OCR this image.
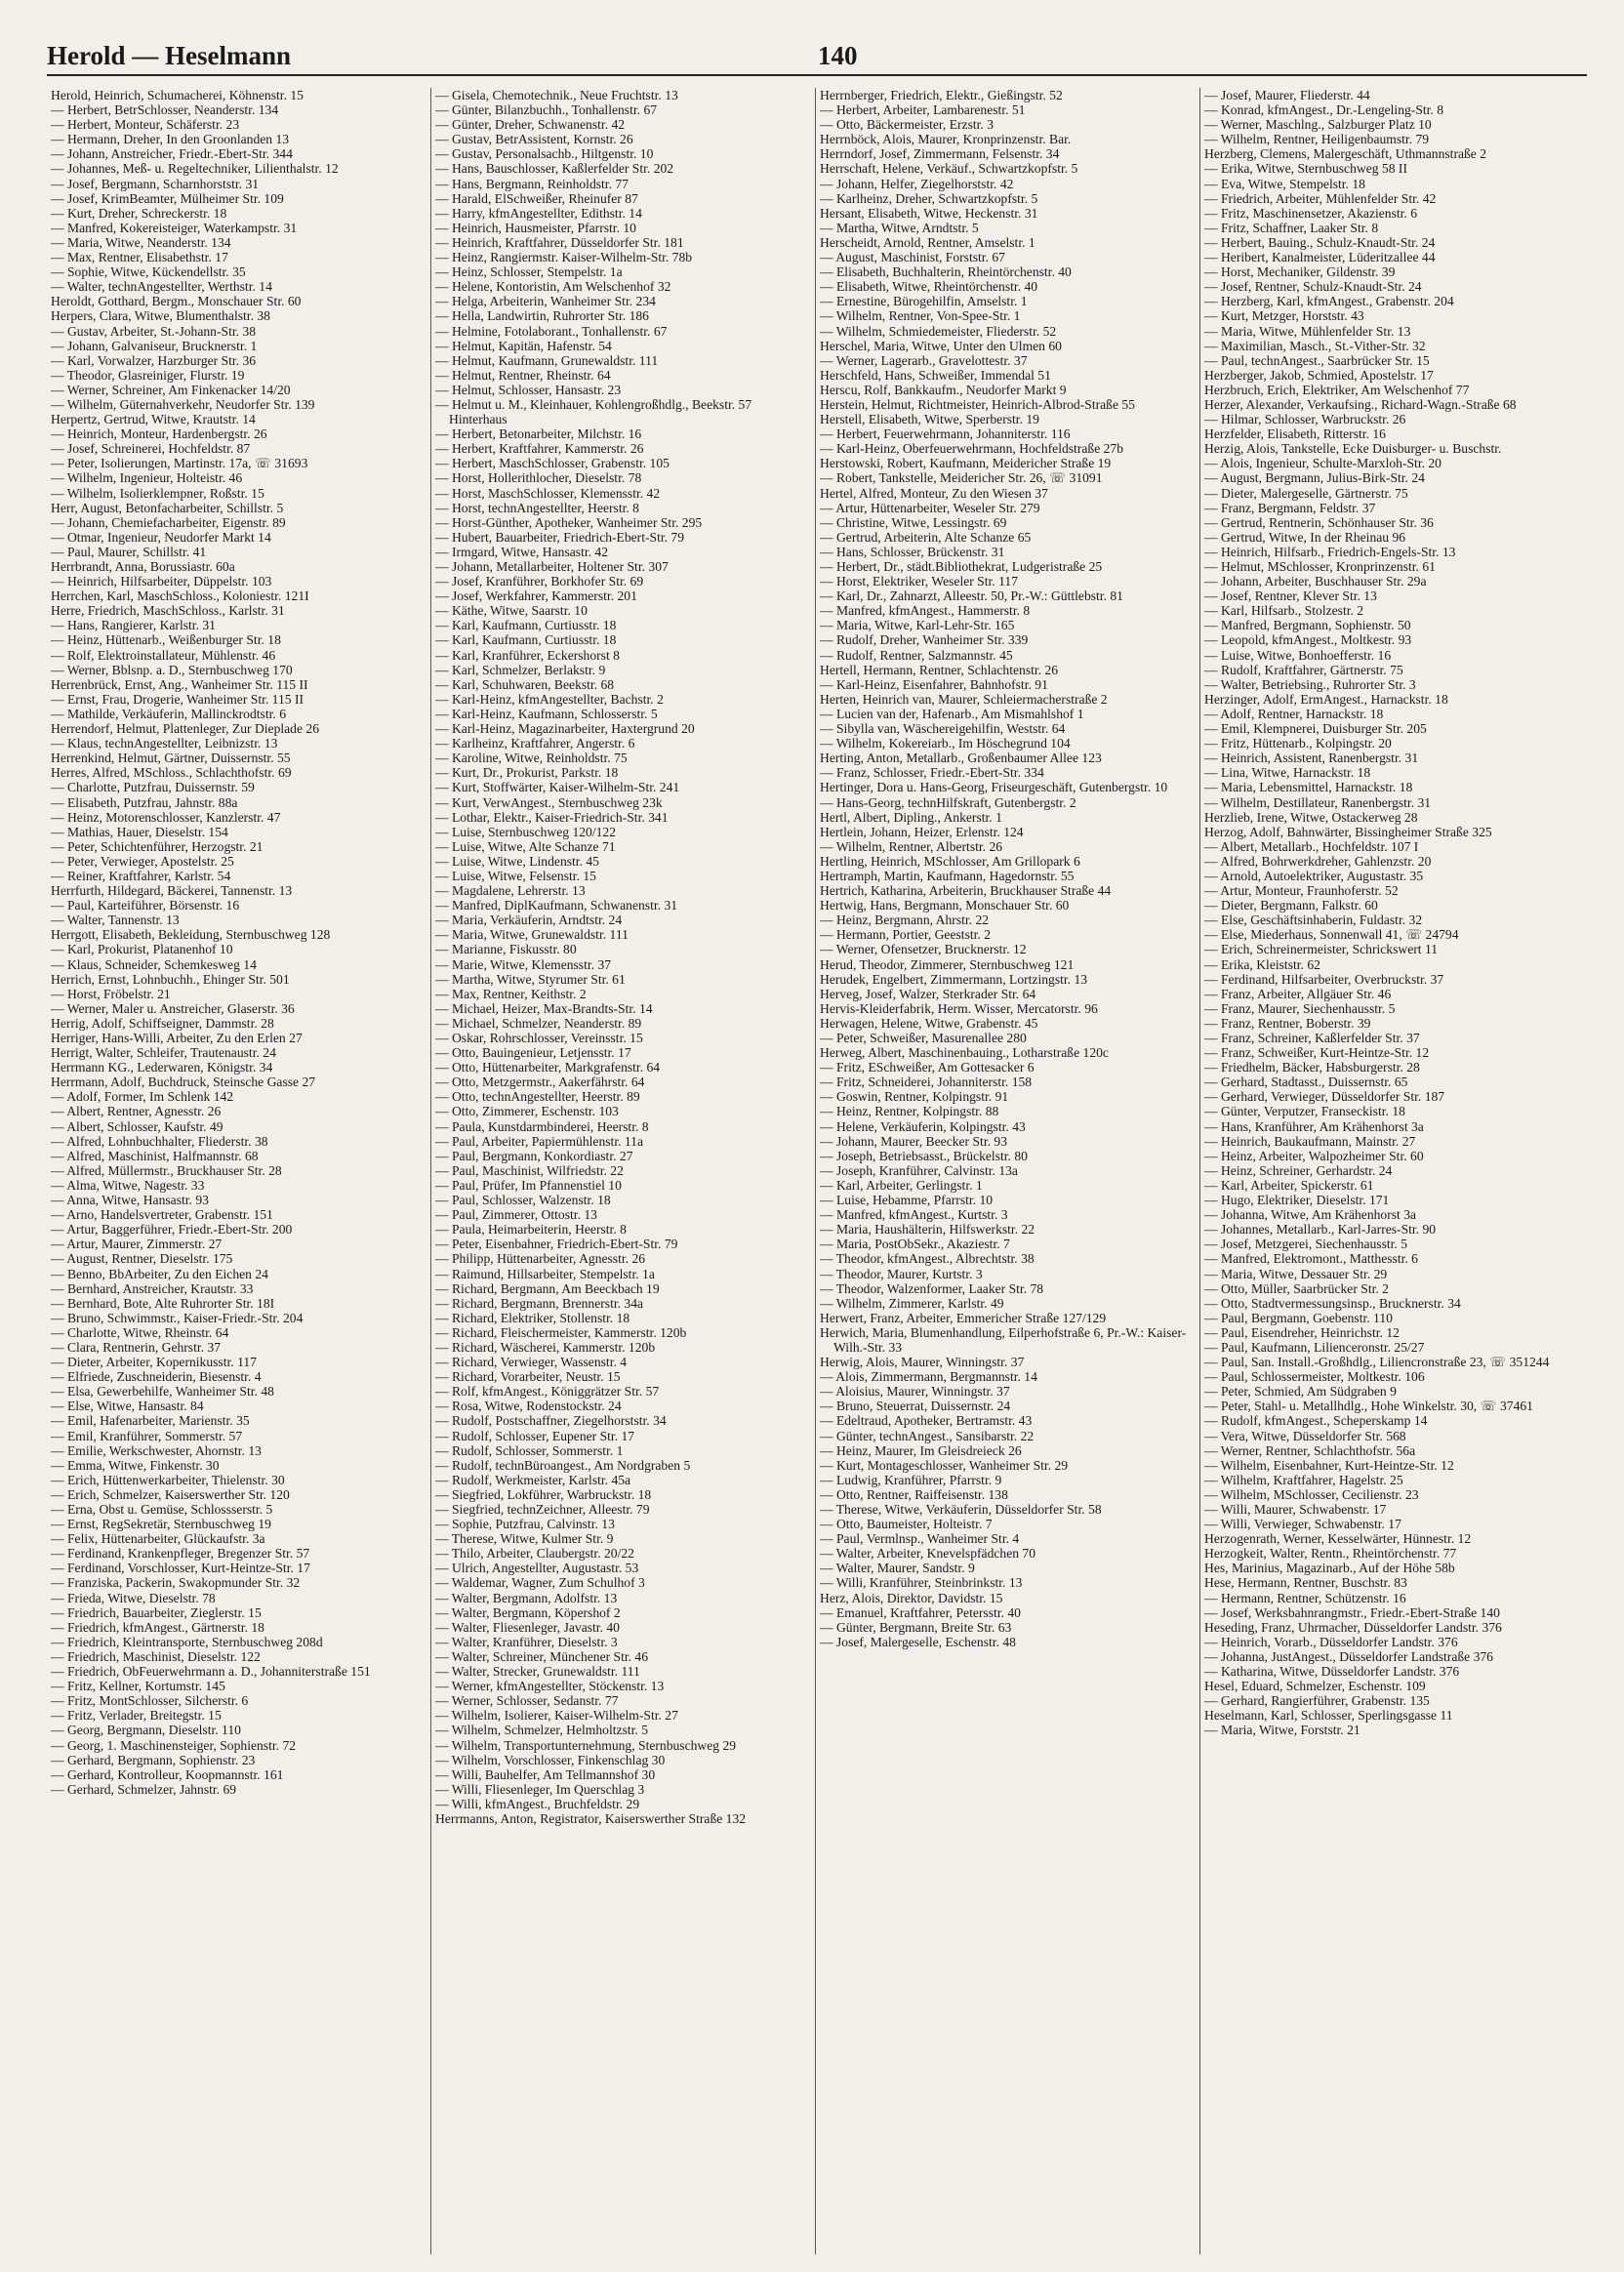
Herold — Heselmann	140
Herold, Heinrich, Schumacherei, Köhnenstr. 15
— Herbert, BetrSchlosser, Neanderstr. 134
— Herbert, Monteur, Schäferstr. 23
— Hermann, Dreher, In den Groonlanden 13
— Johann, Anstreicher, Friedr.-Ebert-Str. 344
— Johannes, Meß- u. Regeltechniker, Lilienthalstr. 12
— Josef, Bergmann, Scharnhorststr. 31
— Josef, KrimBeamter, Mülheimer Str. 109
— Kurt, Dreher, Schreckerstr. 18
— Manfred, Kokereisteiger, Waterkampstr. 31
— Maria, Witwe, Neanderstr. 134
— Max, Rentner, Elisabethstr. 17
— Sophie, Witwe, Kückendellstr. 35
— Walter, technAngestellter, Werthstr. 14
Heroldt, Gotthard, Bergm., Monschauer Str. 60
Herpers, Clara, Witwe, Blumenthalstr. 38
— Gustav, Arbeiter, St.-Johann-Str. 38
— Johann, Galvaniseur, Brucknerstr. 1
— Karl, Vorwalzer, Harzburger Str. 36
— Theodor, Glasreiniger, Flurstr. 19
— Werner, Schreiner, Am Finkenacker 14/20
— Wilhelm, Güternahverkehr, Neudorfer Str. 139
Herpertz, Gertrud, Witwe, Krautstr. 14
— Heinrich, Monteur, Hardenbergstr. 26
— Josef, Schreinerei, Hochfeldstr. 87
— Peter, Isolierungen, Martinstr. 17a, ☏ 31693
— Wilhelm, Ingenieur, Holteistr. 46
— Wilhelm, Isolierklempner, Roßstr. 15
Herr, August, Betonfacharbeiter, Schillstr. 5
— Johann, Chemiefacharbeiter, Eigenstr. 89
— Otmar, Ingenieur, Neudorfer Markt 14
— Paul, Maurer, Schillstr. 41
Herrbrandt, Anna, Borussiastr. 60a
— Heinrich, Hilfsarbeiter, Düppelstr. 103
Herrchen, Karl, MaschSchloss., Koloniestr. 121I
Herre, Friedrich, MaschSchloss., Karlstr. 31
— Hans, Rangierer, Karlstr. 31
— Heinz, Hüttenarb., Weißenburger Str. 18
— Rolf, Elektroinstallateur, Mühlenstr. 46
— Werner, Bblsnp. a. D., Sternbuschweg 170
Herrenbrück, Ernst, Ang., Wanheimer Str. 115 II
— Ernst, Frau, Drogerie, Wanheimer Str. 115 II
— Mathilde, Verkäuferin, Mallinckrodtstr. 6
Herrendorf, Helmut, Plattenleger, Zur Dieplade 26
— Klaus, technAngestellter, Leibnizstr. 13
Herrenkind, Helmut, Gärtner, Duissernstr. 55
Herres, Alfred, MSchloss., Schlachthofstr. 69
— Charlotte, Putzfrau, Duissernstr. 59
— Elisabeth, Putzfrau, Jahnstr. 88a
— Heinz, Motorenschlosser, Kanzlerstr. 47
— Mathias, Hauer, Dieselstr. 154
— Peter, Schichtenführer, Herzogstr. 21
— Peter, Verwieger, Apostelstr. 25
— Reiner, Kraftfahrer, Karlstr. 54
Herrfurth, Hildegard, Bäckerei, Tannenstr. 13
— Paul, Karteiführer, Börsenstr. 16
— Walter, Tannenstr. 13
Herrgott, Elisabeth, Bekleidung, Sternbuschweg 128
— Karl, Prokurist, Platanenhof 10
— Klaus, Schneider, Schemkesweg 14
Herrich, Ernst, Lohnbuchh., Ehinger Str. 501
— Horst, Fröbelstr. 21
— Werner, Maler u. Anstreicher, Glaserstr. 36
Herrig, Adolf, Schiffseigner, Dammstr. 28
Herriger, Hans-Willi, Arbeiter, Zu den Erlen 27
Herrigt, Walter, Schleifer, Trautenaustr. 24
Herrmann KG., Lederwaren, Königstr. 34
Herrmann, Adolf, Buchdruck, Steinsche Gasse 27
— Adolf, Former, Im Schlenk 142
— Albert, Rentner, Agnesstr. 26
— Albert, Schlosser, Kaufstr. 49
— Alfred, Lohnbuchhalter, Fliederstr. 38
— Alfred, Maschinist, Halfmannstr. 68
— Alfred, Müllermstr., Bruckhauser Str. 28
— Alma, Witwe, Nagestr. 33
— Anna, Witwe, Hansastr. 93
— Arno, Handelsvertreter, Grabenstr. 151
— Artur, Baggerführer, Friedr.-Ebert-Str. 200
— Artur, Maurer, Zimmerstr. 27
— August, Rentner, Dieselstr. 175
— Benno, BbArbeiter, Zu den Eichen 24
— Bernhard, Anstreicher, Krautstr. 33
— Bernhard, Bote, Alte Ruhrorter Str. 18I
— Bruno, Schwimmstr., Kaiser-Friedr.-Str. 204
— Charlotte, Witwe, Rheinstr. 64
— Clara, Rentnerin, Gehrstr. 37
— Dieter, Arbeiter, Kopernikusstr. 117
— Elfriede, Zuschneiderin, Biesenstr. 4
— Elsa, Gewerbehilfe, Wanheimer Str. 48
— Else, Witwe, Hansastr. 84
— Emil, Hafenarbeiter, Marienstr. 35
— Emil, Kranführer, Sommerstr. 57
— Emilie, Werkschwester, Ahornstr. 13
— Emma, Witwe, Finkenstr. 30
— Erich, Hüttenwerkarbeiter, Thielenstr. 30
— Erich, Schmelzer, Kaiserswerther Str. 120
— Erna, Obst u. Gemüse, Schlossserstr. 5
— Ernst, RegSekretär, Sternbuschweg 19
— Felix, Hüttenarbeiter, Glückaufstr. 3a
— Ferdinand, Krankenpfleger, Bregenzer Str. 57
— Ferdinand, Vorschlosser, Kurt-Heintze-Str. 17
— Franziska, Packerin, Swakopmunder Str. 32
— Frieda, Witwe, Dieselstr. 78
— Friedrich, Bauarbeiter, Zieglerstr. 15
— Friedrich, kfmAngest., Gärtnerstr. 18
— Friedrich, Kleintransporte, Sternbuschweg 208d
— Friedrich, Maschinist, Dieselstr. 122
— Friedrich, ObFeuerwehrmann a. D., Johanniterstraße 151
— Fritz, Kellner, Kortumstr. 145
— Fritz, MontSchlosser, Silcherstr. 6
— Fritz, Verlader, Breitegstr. 15
— Georg, Bergmann, Dieselstr. 110
— Georg, 1. Maschinensteiger, Sophienstr. 72
— Gerhard, Bergmann, Sophienstr. 23
— Gerhard, Kontrolleur, Koopmannstr. 161
— Gerhard, Schmelzer, Jahnstr. 69
— Gisela, Chemotechnik., Neue Fruchtstr. 13
— Günter, Bilanzbuchh., Tonhallenstr. 67
— Günter, Dreher, Schwanenstr. 42
— Gustav, BetrAssistent, Kornstr. 26
— Gustav, Personalsachb., Hiltgenstr. 10
— Hans, Bauschlosser, Kaßlerfelder Str. 202
— Hans, Bergmann, Reinholdstr. 77
— Harald, ElSchweißer, Rheinufer 87
— Harry, kfmAngestellter, Edithstr. 14
— Heinrich, Hausmeister, Pfarrstr. 10
— Heinrich, Kraftfahrer, Düsseldorfer Str. 181
— Heinz, Rangiermstr. Kaiser-Wilhelm-Str. 78b
— Heinz, Schlosser, Stempelstr. 1a
— Helene, Kontoristin, Am Welschenhof 32
— Helga, Arbeiterin, Wanheimer Str. 234
— Hella, Landwirtin, Ruhrorter Str. 186
— Helmine, Fotolaborant., Tonhallenstr. 67
— Helmut, Kapitän, Hafenstr. 54
— Helmut, Kaufmann, Grunewaldstr. 111
— Helmut, Rentner, Rheinstr. 64
— Helmut, Schlosser, Hansastr. 23
— Helmut u. M., Kleinhauer, Kohlengroßhdlg., Beekstr. 57 Hinterhaus
— Herbert, Betonarbeiter, Milchstr. 16
— Herbert, Kraftfahrer, Kammerstr. 26
— Herbert, MaschSchlosser, Grabenstr. 105
— Horst, Hollerithlocher, Dieselstr. 78
— Horst, MaschSchlosser, Klemensstr. 42
— Horst, technAngestellter, Heerstr. 8
— Horst-Günther, Apotheker, Wanheimer Str. 295
— Hubert, Bauarbeiter, Friedrich-Ebert-Str. 79
— Irmgard, Witwe, Hansastr. 42
— Johann, Metallarbeiter, Holtener Str. 307
— Josef, Kranführer, Borkhofer Str. 69
— Josef, Werkfahrer, Kammerstr. 201
— Käthe, Witwe, Saarstr. 10
— Karl, Kaufmann, Curtiusstr. 18
— Karl, Kaufmann, Curtiusstr. 18
— Karl, Kranführer, Eckershorst 8
— Karl, Schmelzer, Berlakstr. 9
— Karl, Schuhwaren, Beekstr. 68
— Karl-Heinz, kfmAngestellter, Bachstr. 2
— Karl-Heinz, Kaufmann, Schlosserstr. 5
— Karl-Heinz, Magazinarbeiter, Haxtergrund 20
— Karlheinz, Kraftfahrer, Angerstr. 6
— Karoline, Witwe, Reinholdstr. 75
— Kurt, Dr., Prokurist, Parkstr. 18
— Kurt, Stoffwärter, Kaiser-Wilhelm-Str. 241
— Kurt, VerwAngest., Sternbuschweg 23k
— Lothar, Elektr., Kaiser-Friedrich-Str. 341
— Luise, Sternbuschweg 120/122
— Luise, Witwe, Alte Schanze 71
— Luise, Witwe, Lindenstr. 45
— Luise, Witwe, Felsenstr. 15
— Magdalene, Lehrerstr. 13
— Manfred, DiplKaufmann, Schwanenstr. 31
— Maria, Verkäuferin, Arndtstr. 24
— Maria, Witwe, Grunewaldstr. 111
— Marianne, Fiskusstr. 80
— Marie, Witwe, Klemensstr. 37
— Martha, Witwe, Styrumer Str. 61
— Max, Rentner, Keithstr. 2
— Michael, Heizer, Max-Brandts-Str. 14
— Michael, Schmelzer, Neanderstr. 89
— Oskar, Rohrschlosser, Vereinsstr. 15
— Otto, Bauingenieur, Letjensstr. 17
— Otto, Hüttenarbeiter, Markgrafenstr. 64
— Otto, Metzgermstr., Aakerfährstr. 64
— Otto, technAngestellter, Heerstr. 89
— Otto, Zimmerer, Eschenstr. 103
— Paula, Kunstdarmbinderei, Heerstr. 8
— Paul, Arbeiter, Papiermühlenstr. 11a
— Paul, Bergmann, Konkordiastr. 27
— Paul, Maschinist, Wilfriedstr. 22
— Paul, Prüfer, Im Pfannenstiel 10
— Paul, Schlosser, Walzenstr. 18
— Paul, Zimmerer, Ottostr. 13
— Paula, Heimarbeiterin, Heerstr. 8
— Peter, Eisenbahner, Friedrich-Ebert-Str. 79
— Philipp, Hüttenarbeiter, Agnesstr. 26
— Raimund, Hillsarbeiter, Stempelstr. 1a
— Richard, Bergmann, Am Beeckbach 19
— Richard, Bergmann, Brennerstr. 34a
— Richard, Elektriker, Stollenstr. 18
— Richard, Fleischermeister, Kammerstr. 120b
— Richard, Wäscherei, Kammerstr. 120b
— Richard, Verwieger, Wassenstr. 4
— Richard, Vorarbeiter, Neustr. 15
— Rolf, kfmAngest., Königgrätzer Str. 57
— Rosa, Witwe, Rodenstockstr. 24
— Rudolf, Postschaffner, Ziegelhorststr. 34
— Rudolf, Schlosser, Eupener Str. 17
— Rudolf, Schlosser, Sommerstr. 1
— Rudolf, technBüroangest., Am Nordgraben 5
— Rudolf, Werkmeister, Karlstr. 45a
— Siegfried, Lokführer, Warbruckstr. 18
— Siegfried, technZeichner, Alleestr. 79
— Sophie, Putzfrau, Calvinstr. 13
— Therese, Witwe, Kulmer Str. 9
— Thilo, Arbeiter, Claubergstr. 20/22
— Ulrich, Angestellter, Augustastr. 53
— Waldemar, Wagner, Zum Schulhof 3
— Walter, Bergmann, Adolfstr. 13
— Walter, Bergmann, Köpershof 2
— Walter, Fliesenleger, Javastr. 40
— Walter, Kranführer, Dieselstr. 3
— Walter, Schreiner, Münchener Str. 46
— Walter, Strecker, Grunewaldstr. 111
— Werner, kfmAngestellter, Stöckenstr. 13
— Werner, Schlosser, Sedanstr. 77
— Wilhelm, Isolierer, Kaiser-Wilhelm-Str. 27
— Wilhelm, Schmelzer, Helmholtzstr. 5
— Wilhelm, Transportunternehmung, Sternbuschweg 29
— Wilhelm, Vorschlosser, Finkenschlag 30
— Willi, Bauhelfer, Am Tellmannshof 30
— Willi, Fliesenleger, Im Querschlag 3
— Willi, kfmAngest., Bruchfeldstr. 29
Herrmanns, Anton, Registrator, Kaiserswerther Straße 132
Herrnberger, Friedrich, Elektr., Gießingstr. 52
— Herbert, Arbeiter, Lambarenestr. 51
— Otto, Bäckermeister, Erzstr. 3
Herrnböck, Alois, Maurer, Kronprinzenstr. Bar.
Herrndorf, Josef, Zimmermann, Felsenstr. 34
Herrschaft, Helene, Verkäuf., Schwartzkopfstr. 5
— Johann, Helfer, Ziegelhorststr. 42
— Karlheinz, Dreher, Schwartzkopfstr. 5
Hersant, Elisabeth, Witwe, Heckenstr. 31
— Martha, Witwe, Arndtstr. 5
Herscheidt, Arnold, Rentner, Amselstr. 1
— August, Maschinist, Forststr. 67
— Elisabeth, Buchhalterin, Rheintörchenstr. 40
— Elisabeth, Witwe, Rheintörchenstr. 40
— Ernestine, Bürogehilfin, Amselstr. 1
— Wilhelm, Rentner, Von-Spee-Str. 1
— Wilhelm, Schmiedemeister, Fliederstr. 52
Herschel, Maria, Witwe, Unter den Ulmen 60
— Werner, Lagerarb., Gravelottestr. 37
Herschfeld, Hans, Schweißer, Immendal 51
Herscu, Rolf, Bankkaufm., Neudorfer Markt 9
Herstein, Helmut, Richtmeister, Heinrich-Albrod-Straße 55
Herstell, Elisabeth, Witwe, Sperberstr. 19
— Herbert, Feuerwehrmann, Johanniterstr. 116
— Karl-Heinz, Oberfeuerwehrmann, Hochfeldstraße 27b
Herstowski, Robert, Kaufmann, Meidericher Straße 19
— Robert, Tankstelle, Meidericher Str. 26, ☏ 31091
Hertel, Alfred, Monteur, Zu den Wiesen 37
— Artur, Hüttenarbeiter, Weseler Str. 279
— Christine, Witwe, Lessingstr. 69
— Gertrud, Arbeiterin, Alte Schanze 65
— Hans, Schlosser, Brückenstr. 31
— Herbert, Dr., städt.Bibliothekrat, Ludgeristraße 25
— Horst, Elektriker, Weseler Str. 117
— Karl, Dr., Zahnarzt, Alleestr. 50, Pr.-W.: Güttlebstr. 81
— Manfred, kfmAngest., Hammerstr. 8
— Maria, Witwe, Karl-Lehr-Str. 165
— Rudolf, Dreher, Wanheimer Str. 339
— Rudolf, Rentner, Salzmannstr. 45
Hertell, Hermann, Rentner, Schlachtenstr. 26
— Karl-Heinz, Eisenfahrer, Bahnhofstr. 91
Herten, Heinrich van, Maurer, Schleiermacherstraße 2
— Lucien van der, Hafenarb., Am Mismahlshof 1
— Sibylla van, Wäschereigehilfin, Weststr. 64
— Wilhelm, Kokereiarb., Im Höschegrund 104
Herting, Anton, Metallarb., Großenbaumer Allee 123
— Franz, Schlosser, Friedr.-Ebert-Str. 334
Hertinger, Dora u. Hans-Georg, Friseurgeschäft, Gutenbergstr. 10
— Hans-Georg, technHilfskraft, Gutenbergstr. 2
Hertl, Albert, Dipling., Ankerstr. 1
Hertlein, Johann, Heizer, Erlenstr. 124
— Wilhelm, Rentner, Albertstr. 26
Hertling, Heinrich, MSchlosser, Am Grillopark 6
Hertramph, Martin, Kaufmann, Hagedornstr. 55
Hertrich, Katharina, Arbeiterin, Bruckhauser Straße 44
Hertwig, Hans, Bergmann, Monschauer Str. 60
— Heinz, Bergmann, Ahrstr. 22
— Hermann, Portier, Geeststr. 2
— Werner, Ofensetzer, Brucknerstr. 12
Herud, Theodor, Zimmerer, Sternbuschweg 121
Herudek, Engelbert, Zimmermann, Lortzingstr. 13
Herveg, Josef, Walzer, Sterkrader Str. 64
Hervis-Kleiderfabrik, Herm. Wisser, Mercatorstr. 96
Herwagen, Helene, Witwe, Grabenstr. 45
— Peter, Schweißer, Masurenallee 280
Herweg, Albert, Maschinenbauing., Lotharstraße 120c
— Fritz, ESchweißer, Am Gottesacker 6
— Fritz, Schneiderei, Johanniterstr. 158
— Goswin, Rentner, Kolpingstr. 91
— Heinz, Rentner, Kolpingstr. 88
— Helene, Verkäuferin, Kolpingstr. 43
— Johann, Maurer, Beecker Str. 93
— Joseph, Betriebsasst., Brückelstr. 80
— Joseph, Kranführer, Calvinstr. 13a
— Karl, Arbeiter, Gerlingstr. 1
— Luise, Hebamme, Pfarrstr. 10
— Manfred, kfmAngest., Kurtstr. 3
— Maria, Haushälterin, Hilfswerkstr. 22
— Maria, PostObSekr., Akaziestr. 7
— Theodor, kfmAngest., Albrechtstr. 38
— Theodor, Maurer, Kurtstr. 3
— Theodor, Walzenformer, Laaker Str. 78
— Wilhelm, Zimmerer, Karlstr. 49
Herwert, Franz, Arbeiter, Emmericher Straße 127/129
Herwich, Maria, Blumenhandlung, Eilperhofstraße 6, Pr.-W.: Kaiser-Wilh.-Str. 33
Herwig, Alois, Maurer, Winningstr. 37
— Alois, Zimmermann, Bergmannstr. 14
— Aloisius, Maurer, Winningstr. 37
— Bruno, Steuerrat, Duissernstr. 24
— Edeltraud, Apotheker, Bertramstr. 43
— Günter, technAngest., Sansibarstr. 22
— Heinz, Maurer, Im Gleisdreieck 26
— Kurt, Montageschlosser, Wanheimer Str. 29
— Ludwig, Kranführer, Pfarrstr. 9
— Otto, Rentner, Raiffeisenstr. 138
— Therese, Witwe, Verkäuferin, Düsseldorfer Str. 58
— Otto, Baumeister, Holteistr. 7
— Paul, Vermlnsp., Wanheimer Str. 4
— Walter, Arbeiter, Knevelspfädchen 70
— Walter, Maurer, Sandstr. 9
— Willi, Kranführer, Steinbrinkstr. 13
Herz, Alois, Direktor, Davidstr. 15
— Emanuel, Kraftfahrer, Petersstr. 40
— Günter, Bergmann, Breite Str. 63
— Josef, Malergeselle, Eschenstr. 48
— Josef, Maurer, Fliederstr. 44
— Konrad, kfmAngest., Dr.-Lengeling-Str. 8
— Werner, Maschlng., Salzburger Platz 10
— Wilhelm, Rentner, Heiligenbaumstr. 79
Herzberg, Clemens, Malergeschäft, Uthmannstraße 2
— Erika, Witwe, Sternbuschweg 58 II
— Eva, Witwe, Stempelstr. 18
— Friedrich, Arbeiter, Mühlenfelder Str. 42
— Fritz, Maschinensetzer, Akazienstr. 6
— Fritz, Schaffner, Laaker Str. 8
— Herbert, Bauing., Schulz-Knaudt-Str. 24
— Heribert, Kanalmeister, Lüderitzallee 44
— Horst, Mechaniker, Gildenstr. 39
— Josef, Rentner, Schulz-Knaudt-Str. 24
— Herzberg, Karl, kfmAngest., Grabenstr. 204
— Kurt, Metzger, Horststr. 43
— Maria, Witwe, Mühlenfelder Str. 13
— Maximilian, Masch., St.-Vither-Str. 32
— Paul, technAngest., Saarbrücker Str. 15
Herzberger, Jakob, Schmied, Apostelstr. 17
Herzbruch, Erich, Elektriker, Am Welschenhof 77
Herzer, Alexander, Verkaufsing., Richard-Wagn.-Straße 68
— Hilmar, Schlosser, Warbruckstr. 26
Herzfelder, Elisabeth, Ritterstr. 16
Herzig, Alois, Tankstelle, Ecke Duisburger- u. Buschstr.
— Alois, Ingenieur, Schulte-Marxloh-Str. 20
— August, Bergmann, Julius-Birk-Str. 24
— Dieter, Malergeselle, Gärtnerstr. 75
— Franz, Bergmann, Feldstr. 37
— Gertrud, Rentnerin, Schönhauser Str. 36
— Gertrud, Witwe, In der Rheinau 96
— Heinrich, Hilfsarb., Friedrich-Engels-Str. 13
— Helmut, MSchlosser, Kronprinzenstr. 61
— Johann, Arbeiter, Buschhauser Str. 29a
— Josef, Rentner, Klever Str. 13
— Karl, Hilfsarb., Stolzestr. 2
— Manfred, Bergmann, Sophienstr. 50
— Leopold, kfmAngest., Moltkestr. 93
— Luise, Witwe, Bonhoefferstr. 16
— Rudolf, Kraftfahrer, Gärtnerstr. 75
— Walter, Betriebsing., Ruhrorter Str. 3
Herzinger, Adolf, ErmAngest., Harnackstr. 18
— Adolf, Rentner, Harnackstr. 18
— Emil, Klempnerei, Duisburger Str. 205
— Fritz, Hüttenarb., Kolpingstr. 20
— Heinrich, Assistent, Ranenbergstr. 31
— Lina, Witwe, Harnackstr. 18
— Maria, Lebensmittel, Harnackstr. 18
— Wilhelm, Destillateur, Ranenbergstr. 31
Herzlieb, Irene, Witwe, Ostackerweg 28
Herzog, Adolf, Bahnwärter, Bissingheimer Straße 325
— Albert, Metallarb., Hochfeldstr. 107 I
— Alfred, Bohrwerkdreher, Gahlenzstr. 20
— Arnold, Autoelektriker, Augustastr. 35
— Artur, Monteur, Fraunhoferstr. 52
— Dieter, Bergmann, Falkstr. 60
— Else, Geschäftsinhaberin, Fuldastr. 32
— Else, Miederhaus, Sonnenwall 41, ☏ 24794
— Erich, Schreinermeister, Schrickswert 11
— Erika, Kleiststr. 62
— Ferdinand, Hilfsarbeiter, Overbruckstr. 37
— Franz, Arbeiter, Allgäuer Str. 46
— Franz, Maurer, Siechenhausstr. 5
— Franz, Rentner, Boberstr. 39
— Franz, Schreiner, Kaßlerfelder Str. 37
— Franz, Schweißer, Kurt-Heintze-Str. 12
— Friedhelm, Bäcker, Habsburgerstr. 28
— Gerhard, Stadtasst., Duissernstr. 65
— Gerhard, Verwieger, Düsseldorfer Str. 187
— Günter, Verputzer, Franseckistr. 18
— Hans, Kranführer, Am Krähenhorst 3a
— Heinrich, Baukaufmann, Mainstr. 27
— Heinz, Arbeiter, Walpozheimer Str. 60
— Heinz, Schreiner, Gerhardstr. 24
— Karl, Arbeiter, Spickerstr. 61
— Hugo, Elektriker, Dieselstr. 171
— Johanna, Witwe, Am Krähenhorst 3a
— Johannes, Metallarb., Karl-Jarres-Str. 90
— Josef, Metzgerei, Siechenhausstr. 5
— Manfred, Elektromont., Matthesstr. 6
— Maria, Witwe, Dessauer Str. 29
— Otto, Müller, Saarbrücker Str. 2
— Otto, Stadtvermessungsinsp., Brucknerstr. 34
— Paul, Bergmann, Goebenstr. 110
— Paul, Eisendreher, Heinrichstr. 12
— Paul, Kaufmann, Lilienceronstr. 25/27
— Paul, San. Install.-Großhdlg., Liliencronstraße 23, ☏ 351244
— Paul, Schlossermeister, Moltkestr. 106
— Peter, Schmied, Am Südgraben 9
— Peter, Stahl- u. Metallhdlg., Hohe Winkelstr. 30, ☏ 37461
— Rudolf, kfmAngest., Scheperskamp 14
— Vera, Witwe, Düsseldorfer Str. 568
— Werner, Rentner, Schlachthofstr. 56a
— Wilhelm, Eisenbahner, Kurt-Heintze-Str. 12
— Wilhelm, Kraftfahrer, Hagelstr. 25
— Wilhelm, MSchlosser, Cecilienstr. 23
— Willi, Maurer, Schwabenstr. 17
— Willi, Verwieger, Schwabenstr. 17
Herzogenrath, Werner, Kesselwärter, Hünnestr. 12
Herzogkeit, Walter, Rentn., Rheintörchenstr. 77
Hes, Marinius, Magazinarb., Auf der Höhe 58b
Hese, Hermann, Rentner, Buschstr. 83
— Hermann, Rentner, Schützenstr. 16
— Josef, Werksbahnrangmstr., Friedr.-Ebert-Straße 140
Heseding, Franz, Uhrmacher, Düsseldorfer Landstr. 376
— Heinrich, Vorarb., Düsseldorfer Landstr. 376
— Johanna, JustAngest., Düsseldorfer Landstraße 376
— Katharina, Witwe, Düsseldorfer Landstr. 376
Hesel, Eduard, Schmelzer, Eschenstr. 109
— Gerhard, Rangierführer, Grabenstr. 135
Heselmann, Karl, Schlosser, Sperlingsgasse 11
— Maria, Witwe, Forststr. 21
